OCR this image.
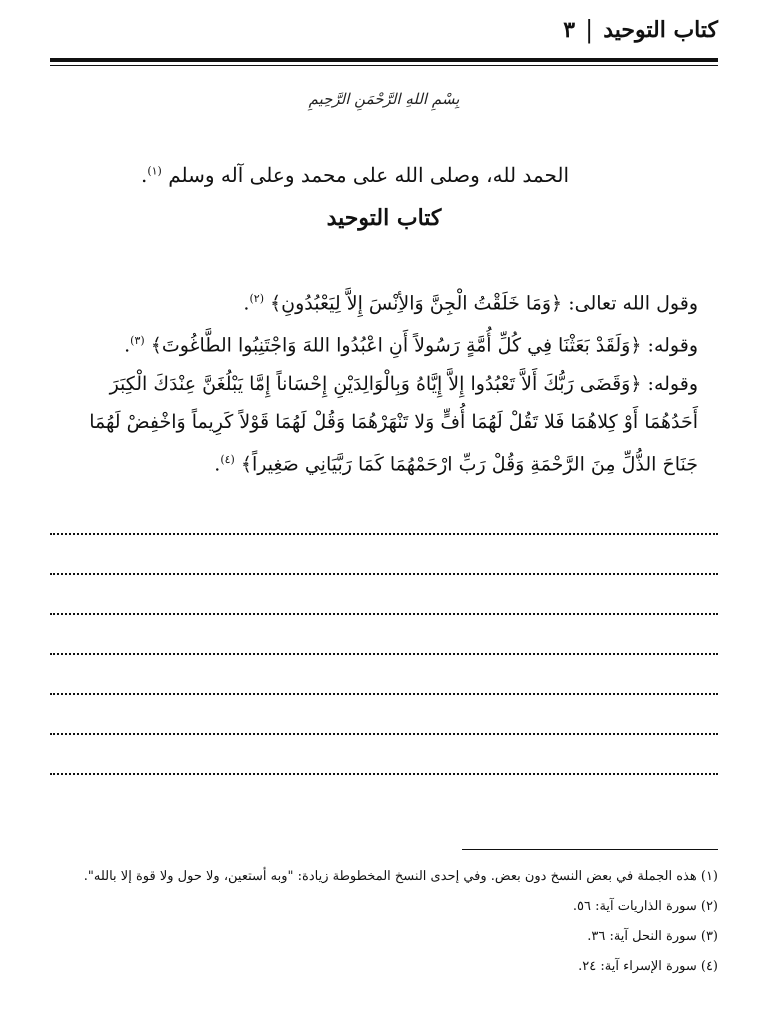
كتاب التوحيد
|
٣
بِسْمِ اللهِ الرَّحْمَنِ الرَّحِيمِ
الحمد لله، وصلى الله على محمد وعلى آله وسلم $^{(١)}$.
كتاب التوحيد

وقول الله تعالى: ﴿وَمَا خَلَقْتُ الْجِنَّ وَالأِنْسَ إِلاَّ لِيَعْبُدُونِ﴾ $^{(٢)}$.

وقوله: ﴿وَلَقَدْ بَعَثْنَا فِي كُلِّ أُمَّةٍ رَسُولاً أَنِ اعْبُدُوا اللهَ وَاجْتَنِبُوا الطَّاغُوتَ﴾ $^{(٣)}$.

وقوله: ﴿وَقَضَى رَبُّكَ أَلاَّ تَعْبُدُوا إِلاَّ إِيَّاهُ وَبِالْوَالِدَيْنِ إِحْسَاناً إِمَّا يَبْلُغَنَّ عِنْدَكَ الْكِبَرَ أَحَدُهُمَا أَوْ كِلاهُمَا فَلا تَقُلْ لَهُمَا أُفٍّ وَلا تَنْهَرْهُمَا وَقُلْ لَهُمَا قَوْلاً كَرِيماً وَاخْفِضْ لَهُمَا جَنَاحَ الذُّلِّ مِنَ الرَّحْمَةِ وَقُلْ رَبِّ ارْحَمْهُمَا كَمَا رَبَّيَانِي صَغِيراً﴾ $^{(٤)}$.

(١) هذه الجملة في بعض النسخ دون بعض. وفي إحدى النسخ المخطوطة زيادة: "وبه أستعين، ولا حول ولا قوة إلا بالله".
(٢) سورة الذاريات آية: ٥٦.
(٣) سورة النحل آية: ٣٦.
(٤) سورة الإسراء آية: ٢٤.
